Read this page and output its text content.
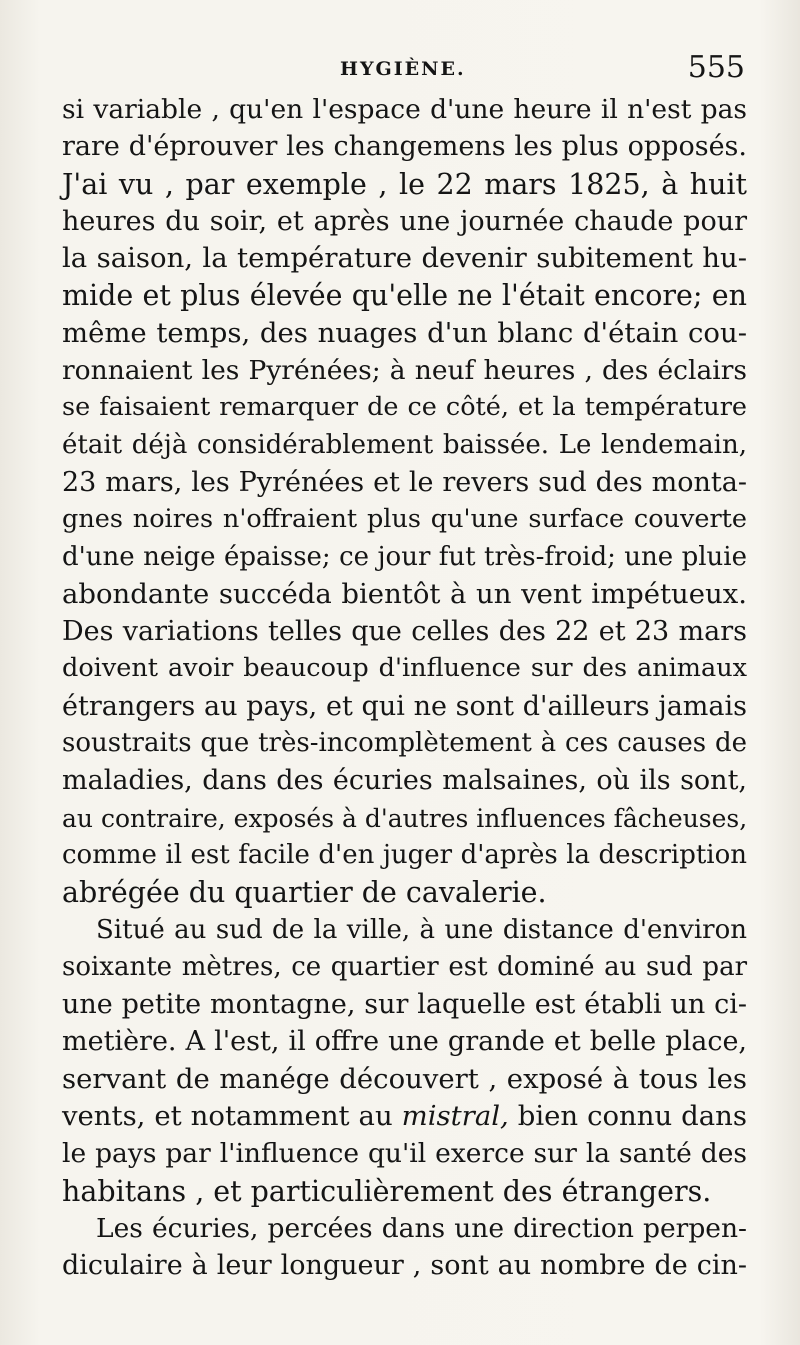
HYGIÈNE.	555
si variable , qu'en l'espace d'une heure il n'est pas
rare d'éprouver les changemens les plus opposés.
J'ai vu , par exemple , le 22 mars 1825, à huit
heures du soir, et après une journée chaude pour
la saison, la température devenir subitement hu-
mide et plus élevée qu'elle ne l'était encore; en
même temps, des nuages d'un blanc d'étain cou-
ronnaient les Pyrénées; à neuf heures , des éclairs
se faisaient remarquer de ce côté, et la température
était déjà considérablement baissée. Le lendemain,
23 mars, les Pyrénées et le revers sud des monta-
gnes noires n'offraient plus qu'une surface couverte
d'une neige épaisse; ce jour fut très-froid; une pluie
abondante succéda bientôt à un vent impétueux.
Des variations telles que celles des 22 et 23 mars
doivent avoir beaucoup d'influence sur des animaux
étrangers au pays, et qui ne sont d'ailleurs jamais
soustraits que très-incomplètement à ces causes de
maladies, dans des écuries malsaines, où ils sont,
au contraire, exposés à d'autres influences fâcheuses,
comme il est facile d'en juger d'après la description
abrégée du quartier de cavalerie.
Situé au sud de la ville, à une distance d'environ
soixante mètres, ce quartier est dominé au sud par
une petite montagne, sur laquelle est établi un ci-
metière. A l'est, il offre une grande et belle place,
servant de manége découvert , exposé à tous les
vents, et notamment au mistral, bien connu dans
le pays par l'influence qu'il exerce sur la santé des
habitans , et particulièrement des étrangers.
Les écuries, percées dans une direction perpen-
diculaire à leur longueur , sont au nombre de cin-
